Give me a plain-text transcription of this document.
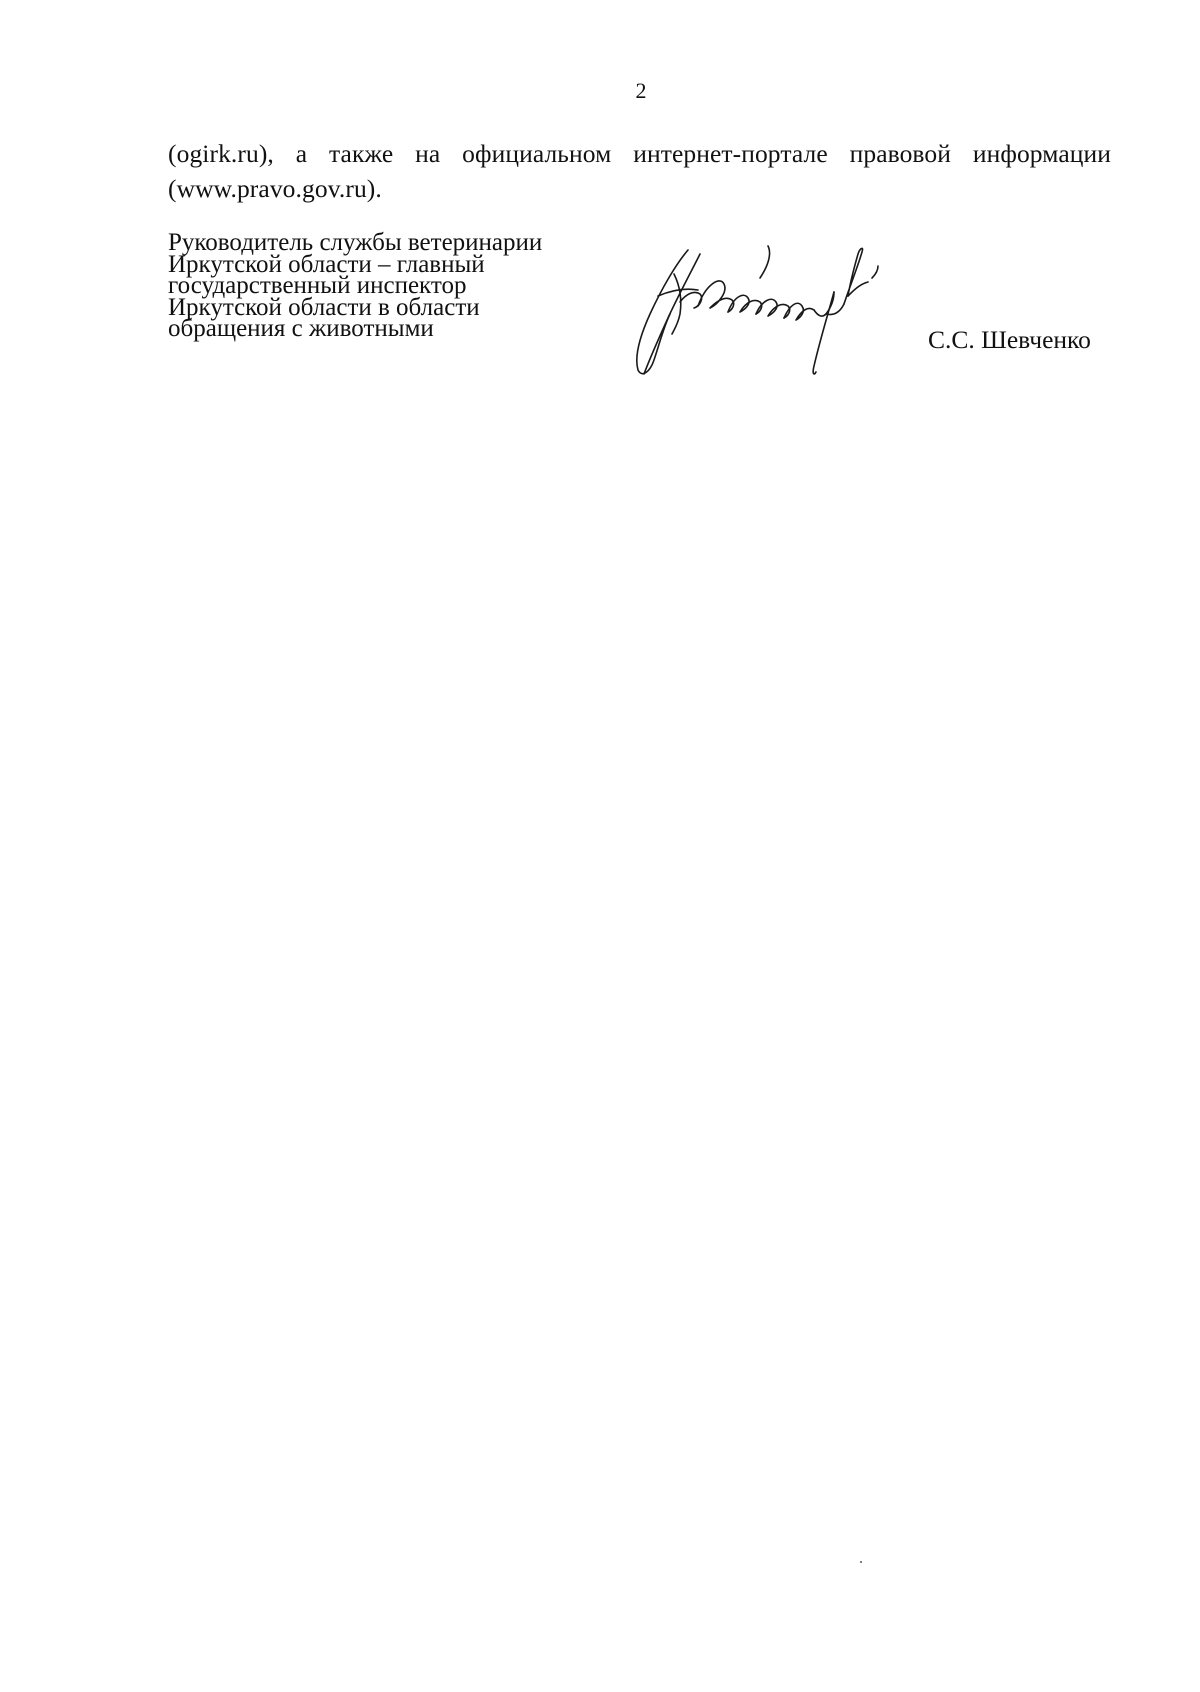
2

(ogirk.ru), а также на официальном интернет-портале правовой информации (www.pravo.gov.ru).

Руководитель службы ветеринарии
Иркутской области – главный
государственный инспектор
Иркутской области в области
обращения с животными	С.С. Шевченко
